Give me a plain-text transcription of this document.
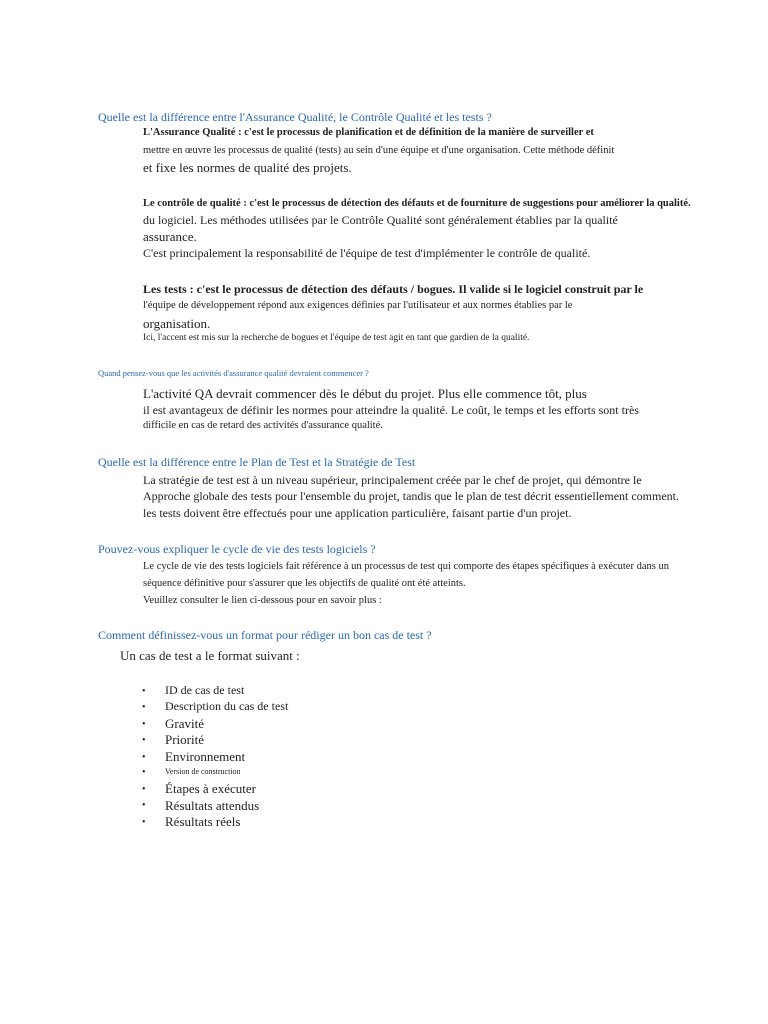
Quelle est la différence entre l'Assurance Qualité, le Contrôle Qualité et les tests ?
L'Assurance Qualité : c'est le processus de planification et de définition de la manière de surveiller et
mettre en œuvre les processus de qualité (tests) au sein d'une équipe et d'une organisation. Cette méthode définit
et fixe les normes de qualité des projets.
Le contrôle de qualité : c'est le processus de détection des défauts et de fourniture de suggestions pour améliorer la qualité.
du logiciel. Les méthodes utilisées par le Contrôle Qualité sont généralement établies par la qualité
assurance.
C'est principalement la responsabilité de l'équipe de test d'implémenter le contrôle de qualité.
Les tests : c'est le processus de détection des défauts / bogues. Il valide si le logiciel construit par le
l'équipe de développement répond aux exigences définies par l'utilisateur et aux normes établies par le
organisation.
Ici, l'accent est mis sur la recherche de bogues et l'équipe de test agit en tant que gardien de la qualité.
Quand pensez-vous que les activités d'assurance qualité devraient commencer ?
L'activité QA devrait commencer dès le début du projet. Plus elle commence tôt, plus
il est avantageux de définir les normes pour atteindre la qualité. Le coût, le temps et les efforts sont très
difficile en cas de retard des activités d'assurance qualité.
Quelle est la différence entre le Plan de Test et la Stratégie de Test
La stratégie de test est à un niveau supérieur, principalement créée par le chef de projet, qui démontre le
Approche globale des tests pour l'ensemble du projet, tandis que le plan de test décrit essentiellement comment.
les tests doivent être effectués pour une application particulière, faisant partie d'un projet.
Pouvez-vous expliquer le cycle de vie des tests logiciels ?
Le cycle de vie des tests logiciels fait référence à un processus de test qui comporte des étapes spécifiques à exécuter dans un
séquence définitive pour s'assurer que les objectifs de qualité ont été atteints.
Veuillez consulter le lien ci-dessous pour en savoir plus :
Comment définissez-vous un format pour rédiger un bon cas de test ?
Un cas de test a le format suivant :
• ID de cas de test
• Description du cas de test
• Gravité
• Priorité
• Environnement
• Version de construction
• Étapes à exécuter
• Résultats attendus
• Résultats réels
